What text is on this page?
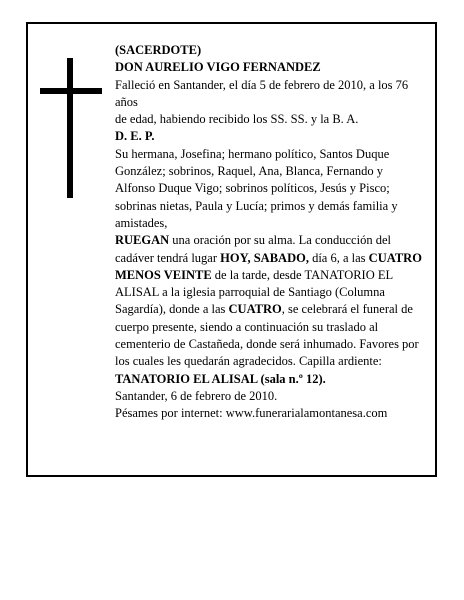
(SACERDOTE)

DON AURELIO VIGO FERNANDEZ

Falleció en Santander, el día 5 de febrero de 2010, a los 76 años

de edad, habiendo recibido los SS. SS. y la B. A.

D. E. P.

Su hermana, Josefina; hermano político, Santos Duque González; sobrinos, Raquel, Ana, Blanca, Fernando y Alfonso Duque Vigo; sobrinos políticos, Jesús y Pisco; sobrinas nietas, Paula y Lucía; primos y demás familia y amistades,

RUEGAN una oración por su alma. La conducción del cadáver tendrá lugar HOY, SABADO, día 6, a las CUATRO MENOS VEINTE de la tarde, desde TANATORIO EL ALISAL a la iglesia parroquial de Santiago (Columna Sagardía), donde a las CUATRO, se celebrará el funeral de cuerpo presente, siendo a continuación su traslado al cementerio de Castañeda, donde será inhumado. Favores por los cuales les quedarán agradecidos. Capilla ardiente: TANATORIO EL ALISAL (sala n.º 12).

Santander, 6 de febrero de 2010.

Pésames por internet: www.funerarialamontanesa.com
